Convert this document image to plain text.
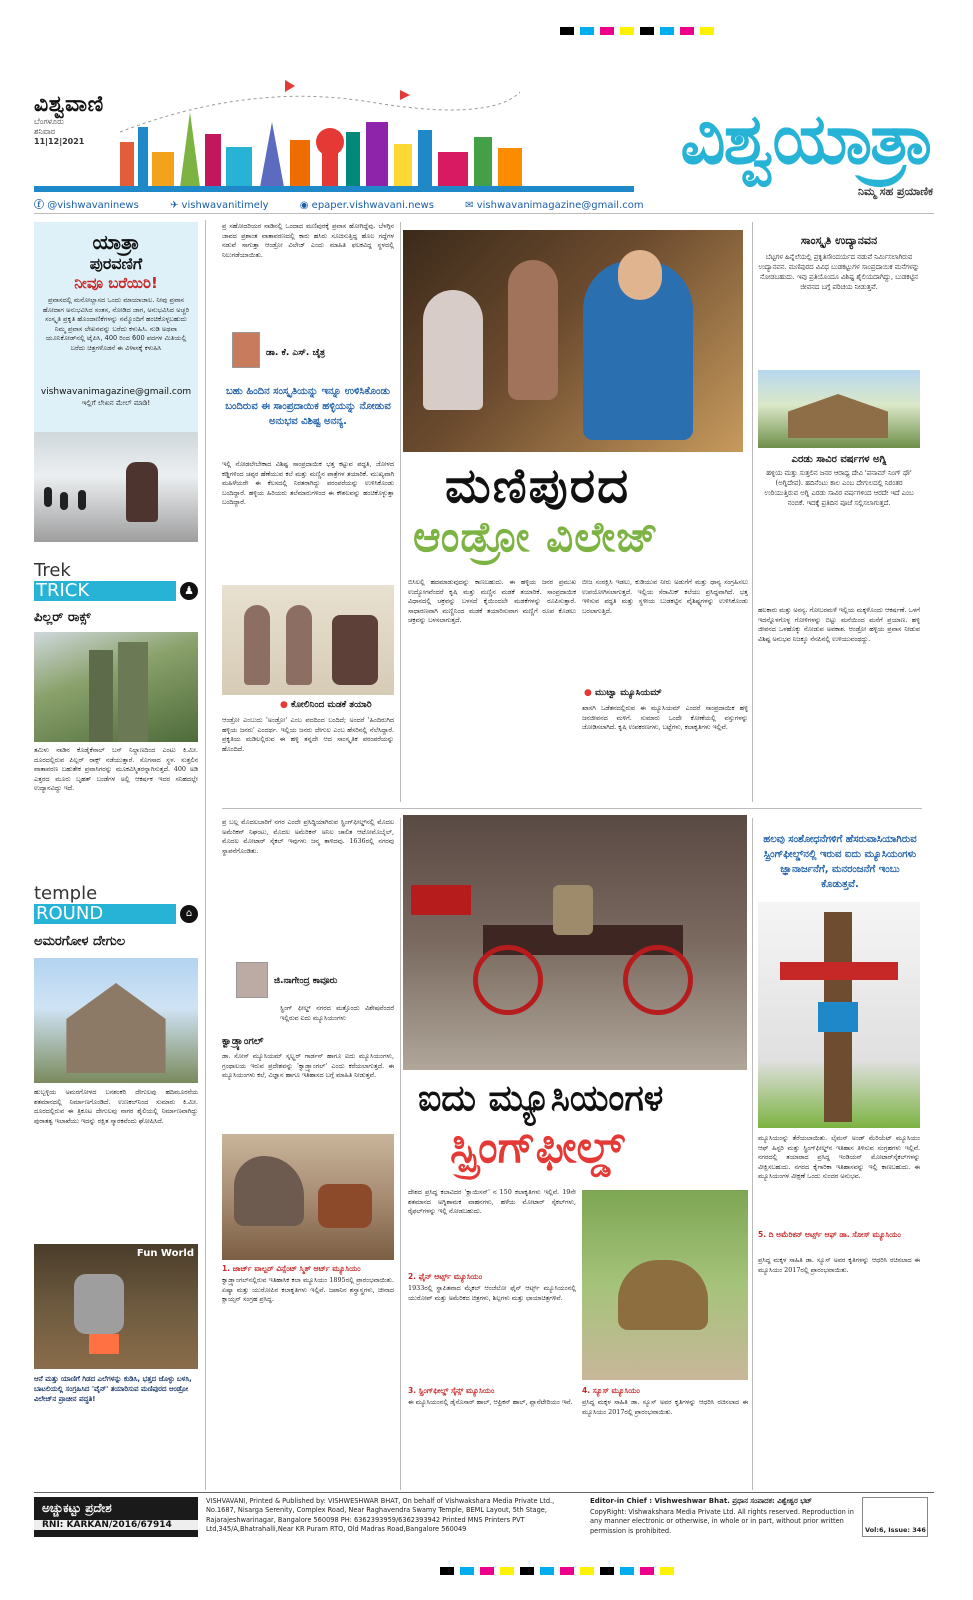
ವಿಶ್ವವಾಣಿ
ಬೆಂಗಳೂರು
ಶನಿವಾರ
11|12|2021	ವಿಶ್ವಯಾತ್ರಾ
ನಿಮ್ಮ ಸಹ ಪ್ರಯಾಣಿಕ
ⓕ @vishwavaninews	✈ vishwavanitimely	◉ epaper.vishwavani.news	✉ vishwavanimagazine@gmail.com
ಯಾತ್ರಾ
ಪುರವಣಿಗೆ
ನೀವೂ ಬರೆಯಿರಿ!
ಪ್ರವಾಸದಲ್ಲಿ ಮನೋಲ್ಲಾಸದ ಒಂದು ಮಾಯಾಜಾಲ. ನೀವು ಪ್ರವಾಸ ಹೋದಾಗ ಅನುಭವಿಸಿದ ಸಂತಸ, ನೋಡಿದ ಜಾಗ, ಅನುಭವಿಸಿದ ಅಚ್ಚರಿ ಸಂಸ್ಕೃತಿ ಪ್ರಕೃತಿ ಹೊಂದಾಣಿಕೆಗಳನ್ನು ನಮ್ಮೊಂದಿಗೆ ಹಂಚಿಕೊಳ್ಳಬಹುದು ನಿಮ್ಮ ಪ್ರವಾಸ ಲೇಖನವನ್ನು ಬರೆದು ಕಳುಹಿಸಿ. ನುಡಿ ಅಥವಾ ಯೂನಿಕೋಡ್‌ನಲ್ಲಿ ಟೈಪಿಸಿ, 400 ರಿಂದ 600 ಪದಗಳ ಮಿತಿಯಲ್ಲಿ ಬರೆದು ಚಿತ್ರಗಳೊಡನೆ ಈ ವಿಳಾಸಕ್ಕೆ ಕಳುಹಿಸಿ
vishwavanimagazine@gmail.com
ಇಲ್ಲಿಗೆ ಲೇಖನ ಮೇಲ್ ಮಾಡಿ!
Trek
TRICK	♟
ಪಿಲ್ಲರ್ ರಾಕ್ಸ್
ತಮಿಳು ನಾಡಿನ ಕೊಡೈಕೆನಾಲ್ ಬಸ್ ನಿಲ್ದಾಣದಿಂದ ಎಂಟು ಕಿ.ಮೀ. ದೂರದಲ್ಲಿರುವ ಪಿಲ್ಲರ್ ರಾಕ್ಸ್ ನಡೆಯುತ್ತಾರೆ. ಸೊಗಸಾದ ಸ್ಥಳ. ಸುತ್ತಲಿನ ವಾತಾವರಣ ಬಹುತೇಕ ಪ್ರವಾಸಿಗರನ್ನು ಮೂಕವಿಸ್ಮಿತರನ್ನಾಗಿಸುತ್ತದೆ. 400 ಅಡಿ ಎತ್ತರದ ಮೂರು ಬೃಹತ್ ಬಂಡೆಗಳ ಅಲ್ಲಿ ಆಕರ್ಷಕ ಇದರ ಸನಿಹದಲ್ಲೇ ಉದ್ಯಾನವಿದ್ದು ಇದೆ.
temple
ROUND	⌂
ಅಮರಗೋಳ ದೇಗುಲ
ಹುಬ್ಬಳ್ಳಿಯ ಅಮರಗೋಳದ ಬನಶಂಕರಿ ದೇಗುಲವು ಹದಿಮೂರನೆಯ ಶತಮಾನದಲ್ಲಿ ನಿರ್ಮಾಣಗೊಂಡಿದೆ. ಉಣಕಲ್‌ನಿಂದ ಸುಮಾರು ಕಿ.ಮೀ. ದೂರದಲ್ಲಿರುವ ಈ ತ್ರಿಕೂಟ ದೇಗುಲವು ನಾಗರ ಶೈಲಿಯಲ್ಲಿ ನಿರ್ಮಾಣವಾಗಿದ್ದು ಪುರಾತತ್ವ ಇಲಾಖೆಯು ಇದನ್ನು ರಕ್ಷಿತ ಸ್ಮಾರಕವೆಂದು ಘೋಷಿಸಿದೆ.
Fun World
ಆನೆ ಮತ್ತು ಯಾಣಿಗೆ ಗಿಡದ ಎಲೆಗಳನ್ನು ಕುಡಿಸಿ, ಭತ್ತದ ಜೊಳ್ಳು ಬಳಸಿ, ಬಾಟಲಿಯಲ್ಲಿ ಸಂಗ್ರಹಿಸಿದ 'ವೈನ್' ತಯಾರಿಸುವ ಮಣಿಪುರದ ಆಂಡ್ರೋ ವಿಲೇಜ್‌ನ ಪ್ರಾಚೀನ ಪದ್ಧತಿ!
ಪ್ರ ಸಹೋದರಿಯರ ನಾಡಿನಲ್ಲಿ ಒಂದಾದ ಮಣಿಪುರಕ್ಕೆ ಪ್ರವಾಸ ಹೋಗಿದ್ದೆವು. ಬೆಳಗ್ಗಿನ ಜಾವದ ಪ್ರಶಾಂತ ವಾತಾವರಣದಲ್ಲಿ ಕಾರು ಹಸಿರು ಸೂಚಿಸುತ್ತಿದ್ದ ಹೊಲ ಗದ್ದೆಗಳ ನಡುವೆ ಸಾಗುತ್ತಾ ಆಂಡ್ರೋ ವಿಲೇಜ್ ಎಂದು ಮಾಹಿತಿ ಫಲಕವಿದ್ದ ಸ್ಥಳದಲ್ಲಿ ನಿಲುಗಡೆಯಾಯಿತು.
ಡಾ. ಕೆ. ಎಸ್. ಚೈತ್ರ
ಬಹು ಹಿಂದಿನ ಸಂಸ್ಕೃತಿಯನ್ನು ಇನ್ನೂ ಉಳಿಸಿಕೊಂಡು ಬಂದಿರುವ ಈ ಸಾಂಪ್ರದಾಯಿಕ ಹಳ್ಳಿಯನ್ನು ನೋಡುವ ಅನುಭವ ವಿಶಿಷ್ಟ ಅನನ್ಯ.
ಇಲ್ಲಿ ನೋಡಲೇಬೇಕಾದ ವಿಶಿಷ್ಟ ಸಾಂಪ್ರದಾಯಿಕ ಭತ್ತ ಕಟ್ಟುವ ಪದ್ಧತಿ, ಜೋಳದ ಕಡ್ಡಿಗಳಿಂದ ಚಪ್ಪರ ಹೆಣೆಯುವ ಕಲೆ ಮತ್ತು ಮಣ್ಣಿನ ಪಾತ್ರೆಗಳ ತಯಾರಿಕೆ. ಮುಖ್ಯವಾಗಿ ಮಹಿಳೆಯರೇ ಈ ಕೆಲಸದಲ್ಲಿ ನಿರತರಾಗಿದ್ದು ಪರಂಪರೆಯನ್ನು ಉಳಿಸಿಕೊಂಡು ಬಂದಿದ್ದಾರೆ. ಹಳ್ಳಿಯ ಹಿರಿಯರು ತಲೆಮಾರುಗಳಿಂದ ಈ ಕೌಶಲವನ್ನು ಹಂಚಿಕೊಳ್ಳುತ್ತಾ ಬಂದಿದ್ದಾರೆ.
● ಕೋಲಿನಿಂದ ಮಡಕೆ ತಯಾರಿ
ಆಂಡ್ರೋ ಎಂಬುದು 'ಅಂಡ್ರೋ' ಎಂಬ ಪದದಿಂದ ಬಂದಿದೆ; ಅಂದರೆ 'ಹಿಂದಿರುಗಿದ ಹಳ್ಳಿಯ ಜನರು' ಎಂದರ್ಥ. ಇಲ್ಲಿಯ ಜನರು ದೇಗುಲ ಎಂಬ ಹೆಸರಿನಲ್ಲಿ ನೆಲೆಸಿದ್ದಾರೆ. ಪ್ರಕೃತಿಯ ಮಡಿಲಲ್ಲಿರುವ ಈ ಹಳ್ಳಿ ತನ್ನದೇ ಆದ ಸಾಂಸ್ಕೃತಿಕ ಪರಂಪರೆಯನ್ನು ಹೊಂದಿದೆ.
ಮಣಿಪುರದ
ಆಂಡ್ರೋ ವಿಲೇಜ್
ಬಿಸಿಲಲ್ಲಿ ಹದಮಾಡುವುದನ್ನು ಕಾಣಬಹುದು. ಈ ಹಳ್ಳಿಯ ಜನರ ಪ್ರಮುಖ ಉದ್ಯೋಗವೆಂದರೆ ಕೃಷಿ ಮತ್ತು ಮಣ್ಣಿನ ಮಡಕೆ ತಯಾರಿಕೆ. ಸಾಂಪ್ರದಾಯಿಕ ವಿಧಾನದಲ್ಲಿ ಚಕ್ರವನ್ನು ಬಳಸದೆ ಕೈಯಿಂದಲೇ ಮಡಕೆಗಳನ್ನು ರೂಪಿಸುತ್ತಾರೆ. ಸಾಧಾರಣವಾಗಿ ಮಣ್ಣಿನಿಂದ ಮಡಕೆ ತಯಾರಿಸುವಾಗ ಮಣ್ಣಿಗೆ ರೂಪ ಕೊಡಲು ಚಕ್ರವನ್ನು ಬಳಸಲಾಗುತ್ತದೆ.
ಬೀಜ ಸಂರಕ್ಷಿಸಿ ಇಡಲು, ಕುಡಿಯುವ ನೀರು ಅಡುಗೆಗೆ ಮತ್ತು ಧಾನ್ಯ ಸಂಗ್ರಹಿಸಲು ಉಪಯೋಗಿಸಲಾಗುತ್ತದೆ. ಇಲ್ಲಿಯ ಸೆರಾಮಿಕ್ ಕಲೆಯು ಪ್ರಸಿದ್ಧವಾಗಿದೆ. ಭತ್ತ ಇಳಿಸುವ ಪದ್ಧತಿ ಮತ್ತು ಸ್ಥಳೀಯ ಬುಡಕಟ್ಟಿನ ವೈಶಿಷ್ಟ್ಯಗಳನ್ನು ಉಳಿಸಿಕೊಂಡು ಬರಲಾಗುತ್ತಿದೆ.
● ಮುಟ್ವಾ ಮ್ಯೂಸಿಯಮ್
ಖಾಸಗಿ ಒಡೆತನದಲ್ಲಿರುವ ಈ ಮ್ಯೂಸಿಯಮ್ ಎಂದರೆ ಸಾಂಪ್ರದಾಯಿಕ ಹಳ್ಳಿ ಜನಜೀವನದ ಮಳಿಗೆ. ಸುಮಾರು ಒಂದೇ ಕೋಣೆಯಲ್ಲಿ ವಸ್ತುಗಳನ್ನು ಜೋಡಿಸಲಾಗಿದೆ. ಕೃಷಿ ಉಪಕರಣಗಳು, ಬಟ್ಟೆಗಳು, ಕಲಾಕೃತಿಗಳು ಇಲ್ಲಿವೆ.
ಸಾಂಸ್ಕೃತಿ ಉದ್ಯಾನವನ
ಬೆಟ್ಟಗಳ ಹಿನ್ನೆಲೆಯಲ್ಲಿ ಪ್ರಕೃತಿಸೌಂದರ್ಯದ ನಡುವೆ ನಿರ್ಮಿಸಲಾಗಿರುವ ಉದ್ಯಾನವನ. ಮಣಿಪುರದ ವಿವಿಧ ಬುಡಕಟ್ಟುಗಳ ಸಾಂಪ್ರದಾಯಿಕ ಮನೆಗಳನ್ನು ನೋಡಬಹುದು. ಇವು ಪ್ರತಿಯೊಂದೂ ವಿಶಿಷ್ಟ ಶೈಲಿಯದಾಗಿದ್ದು, ಬುಡಕಟ್ಟಿನ ಜೀವನದ ಬಗ್ಗೆ ಪರಿಚಯ ನೀಡುತ್ತವೆ.
ಎರಡು ಸಾವಿರ ವರ್ಷಗಳ ಅಗ್ನಿ
ಹಳ್ಳಿಯ ಮತ್ತು ಸುತ್ತಲಿನ ಜನರ ಆರಾಧ್ಯ ದೇವಿ 'ಪನಾಮ್ ನಿಂಗ್ ಥೌ' (ಅಗ್ನಿದೇವ). ಹದಿನೆಂಟು ಕಾಲ ಎಂಬ ದೇಗುಲದಲ್ಲಿ ನಿರಂತರ ಉರಿಯುತ್ತಿರುವ ಅಗ್ನಿ ಎರಡು ಸಾವಿರ ವರ್ಷಗಳಿಂದ ಆರದೇ ಇದೆ ಎಂಬ ನಂಬಿಕೆ. ಇದಕ್ಕೆ ಪ್ರತಿದಿನ ಪೂಜೆ ಸಲ್ಲಿಸಲಾಗುತ್ತದೆ.
ಹಲಕಾರು ಮತ್ತು ಅನನ್ಯ. ಗೋಬರಮಳೆ ಇಲ್ಲಿಯ ಮಕ್ಕಳೊಂದು ಆಕರ್ಷಣೆ. ಒಳಗೆ ಇದನ್ನೊಳಗೊಳ್ಳ ಗೋಳಿಗಳನ್ನು ಬಿಟ್ಟು ಮನೆಯಿಂದ ಮನೆಗೆ ಪ್ರಯಾಣ. ಹಳ್ಳಿ ಜೀವನದ ಒಳಹೊಕ್ಕು ನೋಡುವ ಅವಕಾಶ. ಆಂಡ್ರೋ ಹಳ್ಳಿಯ ಪ್ರವಾಸ ನೀಡುವ ವಿಶಿಷ್ಟ ಅನುಭವ ನಿಜಕ್ಕೂ ನೆನಪಿನಲ್ಲಿ ಉಳಿಯುವಂಥದ್ದು.
ಪ್ರ ಬಲ್ಲ ಮೊದಲಬಾರಿಗೆ ನಗರ ಎಂದೇ ಪ್ರಸಿದ್ಧಿಯಾಗಿರುವ ಸ್ಪ್ರಿಂಗ್‌ಫೀಲ್ಡ್‌ನಲ್ಲಿ ಮೊದಲ ಅಮೆರಿಕನ್ ನಿಘಂಟು, ಮೊದಲ ಅಮೆರಿಕನ್ ಅನಿಲ ಚಾಲಿತ ಆಟೋಮೊಬೈಲ್, ಮೊದಲ ಮೋಟಾರ್ ಸೈಕಲ್ ಇವುಗಳು ಜನ್ಮ ತಾಳಿದವು. 1636ರಲ್ಲಿ ನಗರವು ಸ್ಥಾಪನೆಗೊಂಡಿತು.
ಜಿ.ನಾಗೇಂದ್ರ ಕಾವೂರು
ಸ್ಪ್ರಿಂಗ್ ಫೀಲ್ಡ್ ನಗರದ ಮತ್ತೊಂದು ವಿಶೇಷವೆಂದರೆ ಇಲ್ಲಿರುವ ಐದು ಮ್ಯೂಸಿಯಂಗಳು
ಕ್ವಾಡ್ರ್ಯಾಂಗಲ್
ಡಾ. ಸೋಸ್ ಮ್ಯೂಸಿಯಮ್ ಸ್ಕಲ್ಪ್ಚರ್ ಗಾರ್ಡನ್ ಹಾಗೂ ಐದು ಮ್ಯೂಸಿಯಂಗಳು, ಗ್ರಂಥಾಲಯ ಇರುವ ಪ್ರದೇಶವನ್ನು 'ಕ್ವಾಡ್ರ್ಯಾಂಗಲ್' ಎಂದು ಕರೆಯಲಾಗುತ್ತದೆ. ಈ ಮ್ಯೂಸಿಯಂಗಳು ಕಲೆ, ವಿಜ್ಞಾನ ಹಾಗೂ ಇತಿಹಾಸದ ಬಗ್ಗೆ ಮಾಹಿತಿ ನೀಡುತ್ತವೆ.
1. ಜಾರ್ಜ್ ವಾಲ್ಟರ್ ವಿನ್ಸೆಂಟ್ ಸ್ಮಿತ್ ಆರ್ಟ್ ಮ್ಯೂಸಿಯಂ
ಕ್ವಾಡ್ರ್ಯಾಂಗಲ್‌ನಲ್ಲಿರುವ ಇತಿಹಾಸಿಕ ಕಲಾ ಮ್ಯೂಸಿಯಂ 1895ರಲ್ಲಿ ಪ್ರಾರಂಭವಾಯಿತು. ಏಷ್ಯಾ ಮತ್ತು ಯುರೋಪಿನ ಕಲಾಕೃತಿಗಳು ಇಲ್ಲಿವೆ. ಜಪಾನಿನ ಶಸ್ತ್ರಾಸ್ತ್ರಗಳು, ಚೀನಾದ ಕ್ಲಾಯ್ಸನ್ ಸಂಗ್ರಹ ಪ್ರಸಿದ್ಧ.
ಐದು ಮ್ಯೂಸಿಯಂಗಳ
ಸ್ಪ್ರಿಂಗ್‌ಫೀಲ್ಡ್
ದೇಶದ ಪ್ರಸಿದ್ಧ ಕಲಾವಿದರ 'ಕ್ಲಾಯಿಸನ್' ನ 150 ಕಲಾಕೃತಿಗಳು ಇಲ್ಲಿವೆ. 19ನೇ ಶತಮಾನದ ಅಗ್ನಿಶಾಮಕ ವಾಹನಗಳು, ಹಳೆಯ ಮೋಟಾರ್ ಸೈಕಲ್‌ಗಳು, ರೈಫಲ್‌ಗಳನ್ನು ಇಲ್ಲಿ ನೋಡಬಹುದು.
2. ಫೈನ್ ಆರ್ಟ್ಸ್ ಮ್ಯೂಸಿಯಂ
1933ರಲ್ಲಿ ಸ್ಥಾಪಿತವಾದ ಮೈಕಲ್ ಆಂಜೆಲೋ ಫೈನ್ ಆರ್ಟ್ಸ್ ಮ್ಯೂಸಿಯಂನಲ್ಲಿ ಯುರೋಪ್ ಮತ್ತು ಅಮೆರಿಕದ ಚಿತ್ರಗಳು, ಶಿಲ್ಪಗಳು ಮತ್ತು ಛಾಯಾಚಿತ್ರಗಳಿವೆ.
3. ಸ್ಪ್ರಿಂಗ್‌ಫೀಲ್ಡ್ ಸೈನ್ಸ್ ಮ್ಯೂಸಿಯಂ
ಈ ಮ್ಯೂಸಿಯಂನಲ್ಲಿ ಡೈನೊಸಾರ್ ಹಾಲ್, ಆಫ್ರಿಕನ್ ಹಾಲ್, ಪ್ಲಾನೆಟೇರಿಯಂ ಇವೆ.
4. ಸ್ಯೂಸ್ ಮ್ಯೂಸಿಯಂ
ಪ್ರಸಿದ್ಧ ಮಕ್ಕಳ ಸಾಹಿತಿ ಡಾ. ಸ್ಯೂಸ್ ಅವರ ಕೃತಿಗಳನ್ನು ಆಧರಿಸಿ ರಚಿಸಲಾದ ಈ ಮ್ಯೂಸಿಯಂ 2017ರಲ್ಲಿ ಪ್ರಾರಂಭವಾಯಿತು.
ಹಲವು ಸಂಶೋಧನೆಗಳಿಗೆ ಹೆಸರುವಾಸಿಯಾಗಿರುವ ಸ್ಪ್ರಿಂಗ್‌ಫೀಲ್ಡ್‌ನಲ್ಲಿ ಇರುವ ಐದು ಮ್ಯೂಸಿಯಂಗಳು ಜ್ಞಾನಾರ್ಜನೆಗೆ, ಮನರಂಜನೆಗೆ ಇಂಬು ಕೊಡುತ್ತವೆ.
ಮ್ಯೂಸಿಯಂನ್ನು ತೆರೆಯಲಾಯಿತು. ಲೈಮನ್ ಅಂಡ್ ಮೆರಿಯೆಟ್ ಮ್ಯೂಸಿಯಂ ಆಫ್ ಹಿಸ್ಟರಿ ಮತ್ತು ಸ್ಪ್ರಿಂಗ್‌ಫೀಲ್ಡ್‌ನ ಇತಿಹಾಸ ತಿಳಿಸುವ ಸಂಗ್ರಹಗಳು ಇಲ್ಲಿವೆ. ನಗರದಲ್ಲಿ ತಯಾರಾದ ಪ್ರಸಿದ್ಧ ಇಂಡಿಯನ್ ಮೋಟಾರ್‌ಸೈಕಲ್‌ಗಳನ್ನು ವೀಕ್ಷಿಸಬಹುದು. ನಗರದ ಕೈಗಾರಿಕಾ ಇತಿಹಾಸವನ್ನು ಇಲ್ಲಿ ಕಾಣಬಹುದು. ಈ ಮ್ಯೂಸಿಯಂಗಳ ವೀಕ್ಷಣೆ ಒಂದು ಸುಂದರ ಅನುಭವ.
5. ದಿ ಅಮೆರಿಕನ್ ಆರ್ಟ್ಸ್ ಆಫ್ ಡಾ. ಸೋಸ್ ಮ್ಯೂಸಿಯಂ
ಪ್ರಸಿದ್ಧ ಮಕ್ಕಳ ಸಾಹಿತಿ ಡಾ. ಸ್ಯೂಸ್ ಅವರ ಕೃತಿಗಳನ್ನು ಆಧರಿಸಿ ರಚಿಸಲಾದ ಈ ಮ್ಯೂಸಿಯಂ 2017ರಲ್ಲಿ ಪ್ರಾರಂಭವಾಯಿತು.
ಅಚ್ಚುಕಟ್ಟು ಪ್ರದೇಶ
RNI: KARKAN/2016/67914
VISHVAVANI, Printed & Published by: VISHWESHWAR BHAT, On behalf of Vishwakshara Media Private Ltd., No.1687, Nisarga Serenity, Complex Road, Near Raghavendra Swamy Temple, BEML Layout, 5th Stage, Rajarajeshwarinagar, Bangalore 560098 PH: 6362393959/6362393942 Printed MNS Printers PVT Ltd,345/A,Bhatrahalli,Near KR Puram RTO, Old Madras Road,Bangalore 560049
Editor-in Chief : Vishweshwar Bhat. ಪ್ರಧಾನ ಸಂಪಾದಕ: ವಿಶ್ವೇಶ್ವರ ಭಟ್
CopyRight: Vishwakshara Media Private Ltd. All rights reserved. Reproduction in any manner electronic or otherwise, in whole or in part, without prior written permission is prohibited.	Vol:6, Issue: 346
